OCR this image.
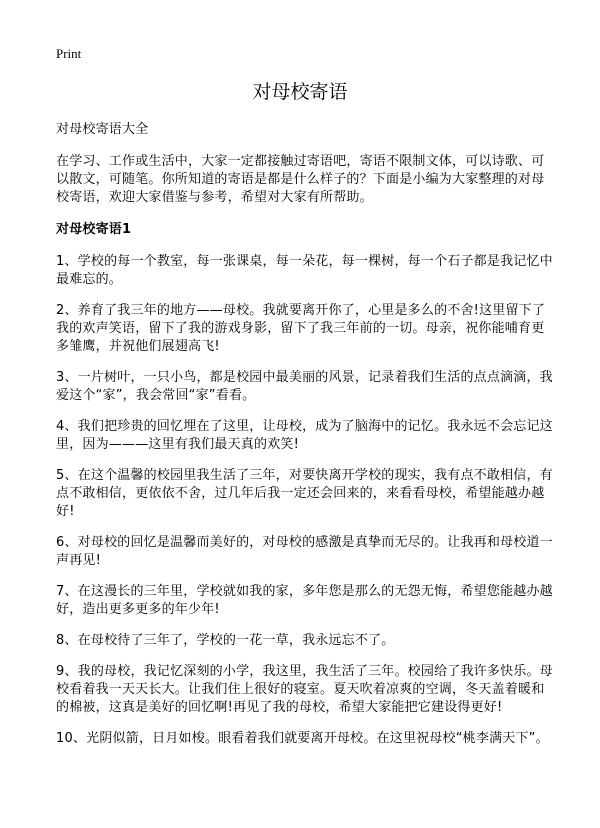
Print
对母校寄语

对母校寄语大全

在学习、工作或生活中，大家一定都接触过寄语吧，寄语不限制文体，可以诗歌、可以散文，可随笔。你所知道的寄语是都是什么样子的？下面是小编为大家整理的对母校寄语，欢迎大家借鉴与参考，希望对大家有所帮助。

对母校寄语1

1、学校的每一个教室，每一张课桌，每一朵花，每一棵树，每一个石子都是我记忆中最难忘的。

2、养育了我三年的地方——母校。我就要离开你了，心里是多么的不舍!这里留下了我的欢声笑语，留下了我的游戏身影，留下了我三年前的一切。母亲，祝你能哺育更多雏鹰，并祝他们展翅高飞!

3、一片树叶，一只小鸟，都是校园中最美丽的风景，记录着我们生活的点点滴滴，我爱这个“家”，我会常回“家”看看。

4、我们把珍贵的回忆埋在了这里，让母校，成为了脑海中的记忆。我永远不会忘记这里，因为———这里有我们最天真的欢笑!

5、在这个温馨的校园里我生活了三年，对要快离开学校的现实，我有点不敢相信，有点不敢相信，更依依不舍，过几年后我一定还会回来的，来看看母校，希望能越办越好!

6、对母校的回忆是温馨而美好的，对母校的感激是真挚而无尽的。让我再和母校道一声再见!

7、在这漫长的三年里，学校就如我的家，多年您是那么的无怨无悔，希望您能越办越好，造出更多更多的年少年!

8、在母校待了三年了，学校的一花一草，我永远忘不了。

9、我的母校，我记忆深刻的小学，我这里，我生活了三年。校园给了我许多快乐。母校看着我一天天长大。让我们住上很好的寝室。夏天吹着凉爽的空调，冬天盖着暖和的棉被，这真是美好的回忆啊!再见了我的母校，希望大家能把它建设得更好!

10、光阴似箭，日月如梭。眼看着我们就要离开母校。在这里祝母校“桃李满天下”。
